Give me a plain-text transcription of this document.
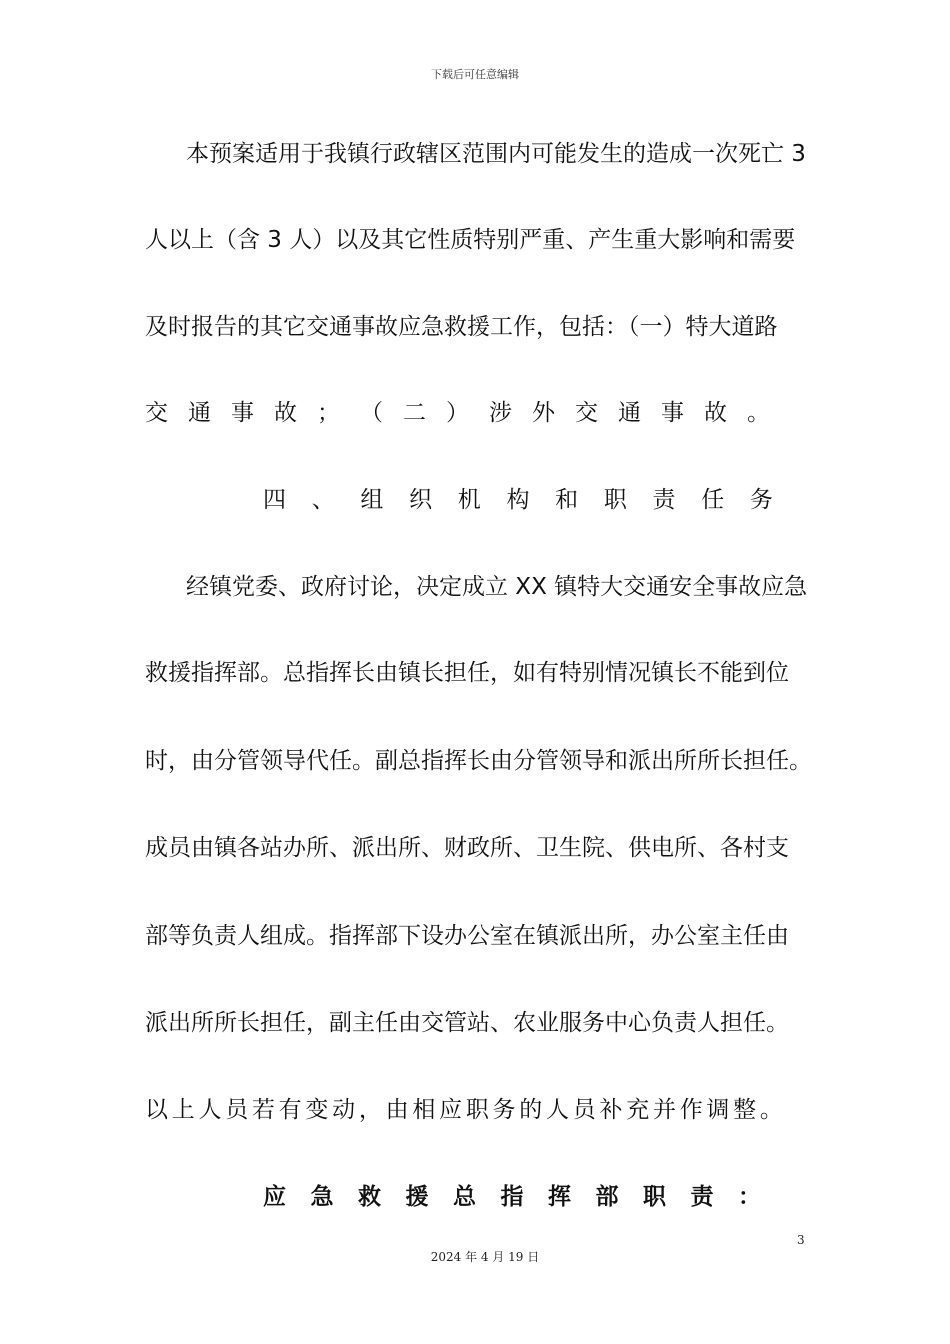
下载后可任意编辑
本预案适用于我镇行政辖区范围内可能发生的造成一次死亡 3
人以上（含 3 人）以及其它性质特别严重、产生重大影响和需要
及时报告的其它交通事故应急救援工作，包括：（一）特大道路
交 通 事 故 ； （ 二 ） 涉 外 交 通 事 故 。
四 、 组 织 机 构 和 职 责 任 务
经镇党委、政府讨论，决定成立 XX 镇特大交通安全事故应急
救援指挥部。总指挥长由镇长担任，如有特别情况镇长不能到位
时，由分管领导代任。副总指挥长由分管领导和派出所所长担任。
成员由镇各站办所、派出所、财政所、卫生院、供电所、各村支
部等负责人组成。指挥部下设办公室在镇派出所，办公室主任由
派出所所长担任，副主任由交管站、农业服务中心负责人担任。
以 上 人 员 若 有 变 动 ， 由 相 应 职 务 的 人 员 补 充 并 作 调 整 。
应 急 救 援 总 指 挥 部 职 责 ：
3
2024 年 4 月 19 日
